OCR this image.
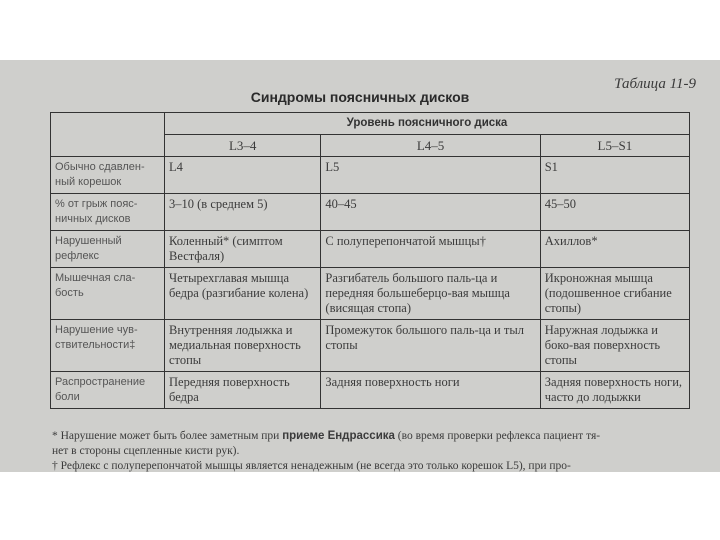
Таблица 11-9
Синдромы поясничных дисков
	Уровень поясничного диска		
	L3–4	L4–5	L5–S1
Обычно сдавлен-ный корешок	L4	L5	S1
% от грыж пояс-ничных дисков	3–10 (в среднем 5)	40–45	45–50
Нарушенный рефлекс	Коленный* (симптом Вестфаля)	С полуперепончатой мышцы†	Ахиллов*
Мышечная сла-бость	Четырехглавая мышца бедра (разгибание колена)	Разгибатель большого паль-ца и передняя большеберцо-вая мышца (висящая стопа)	Икроножная мышца (подошвенное сгибание стопы)
Нарушение чув-ствительности‡	Внутренняя лодыжка и медиальная поверхность стопы	Промежуток большого паль-ца и тыл стопы	Наружная лодыжка и боко-вая поверхность стопы
Распространение боли	Передняя поверхность бедра	Задняя поверхность ноги	Задняя поверхность ноги, часто до лодыжки

* Нарушение может быть более заметным при приеме Ендрассика (во время проверки рефлекса пациент тя-

нет в стороны сцепленные кисти рук).

† Рефлекс с полуперепончатой мышцы является ненадежным (не всегда это только корешок L5), при про-
